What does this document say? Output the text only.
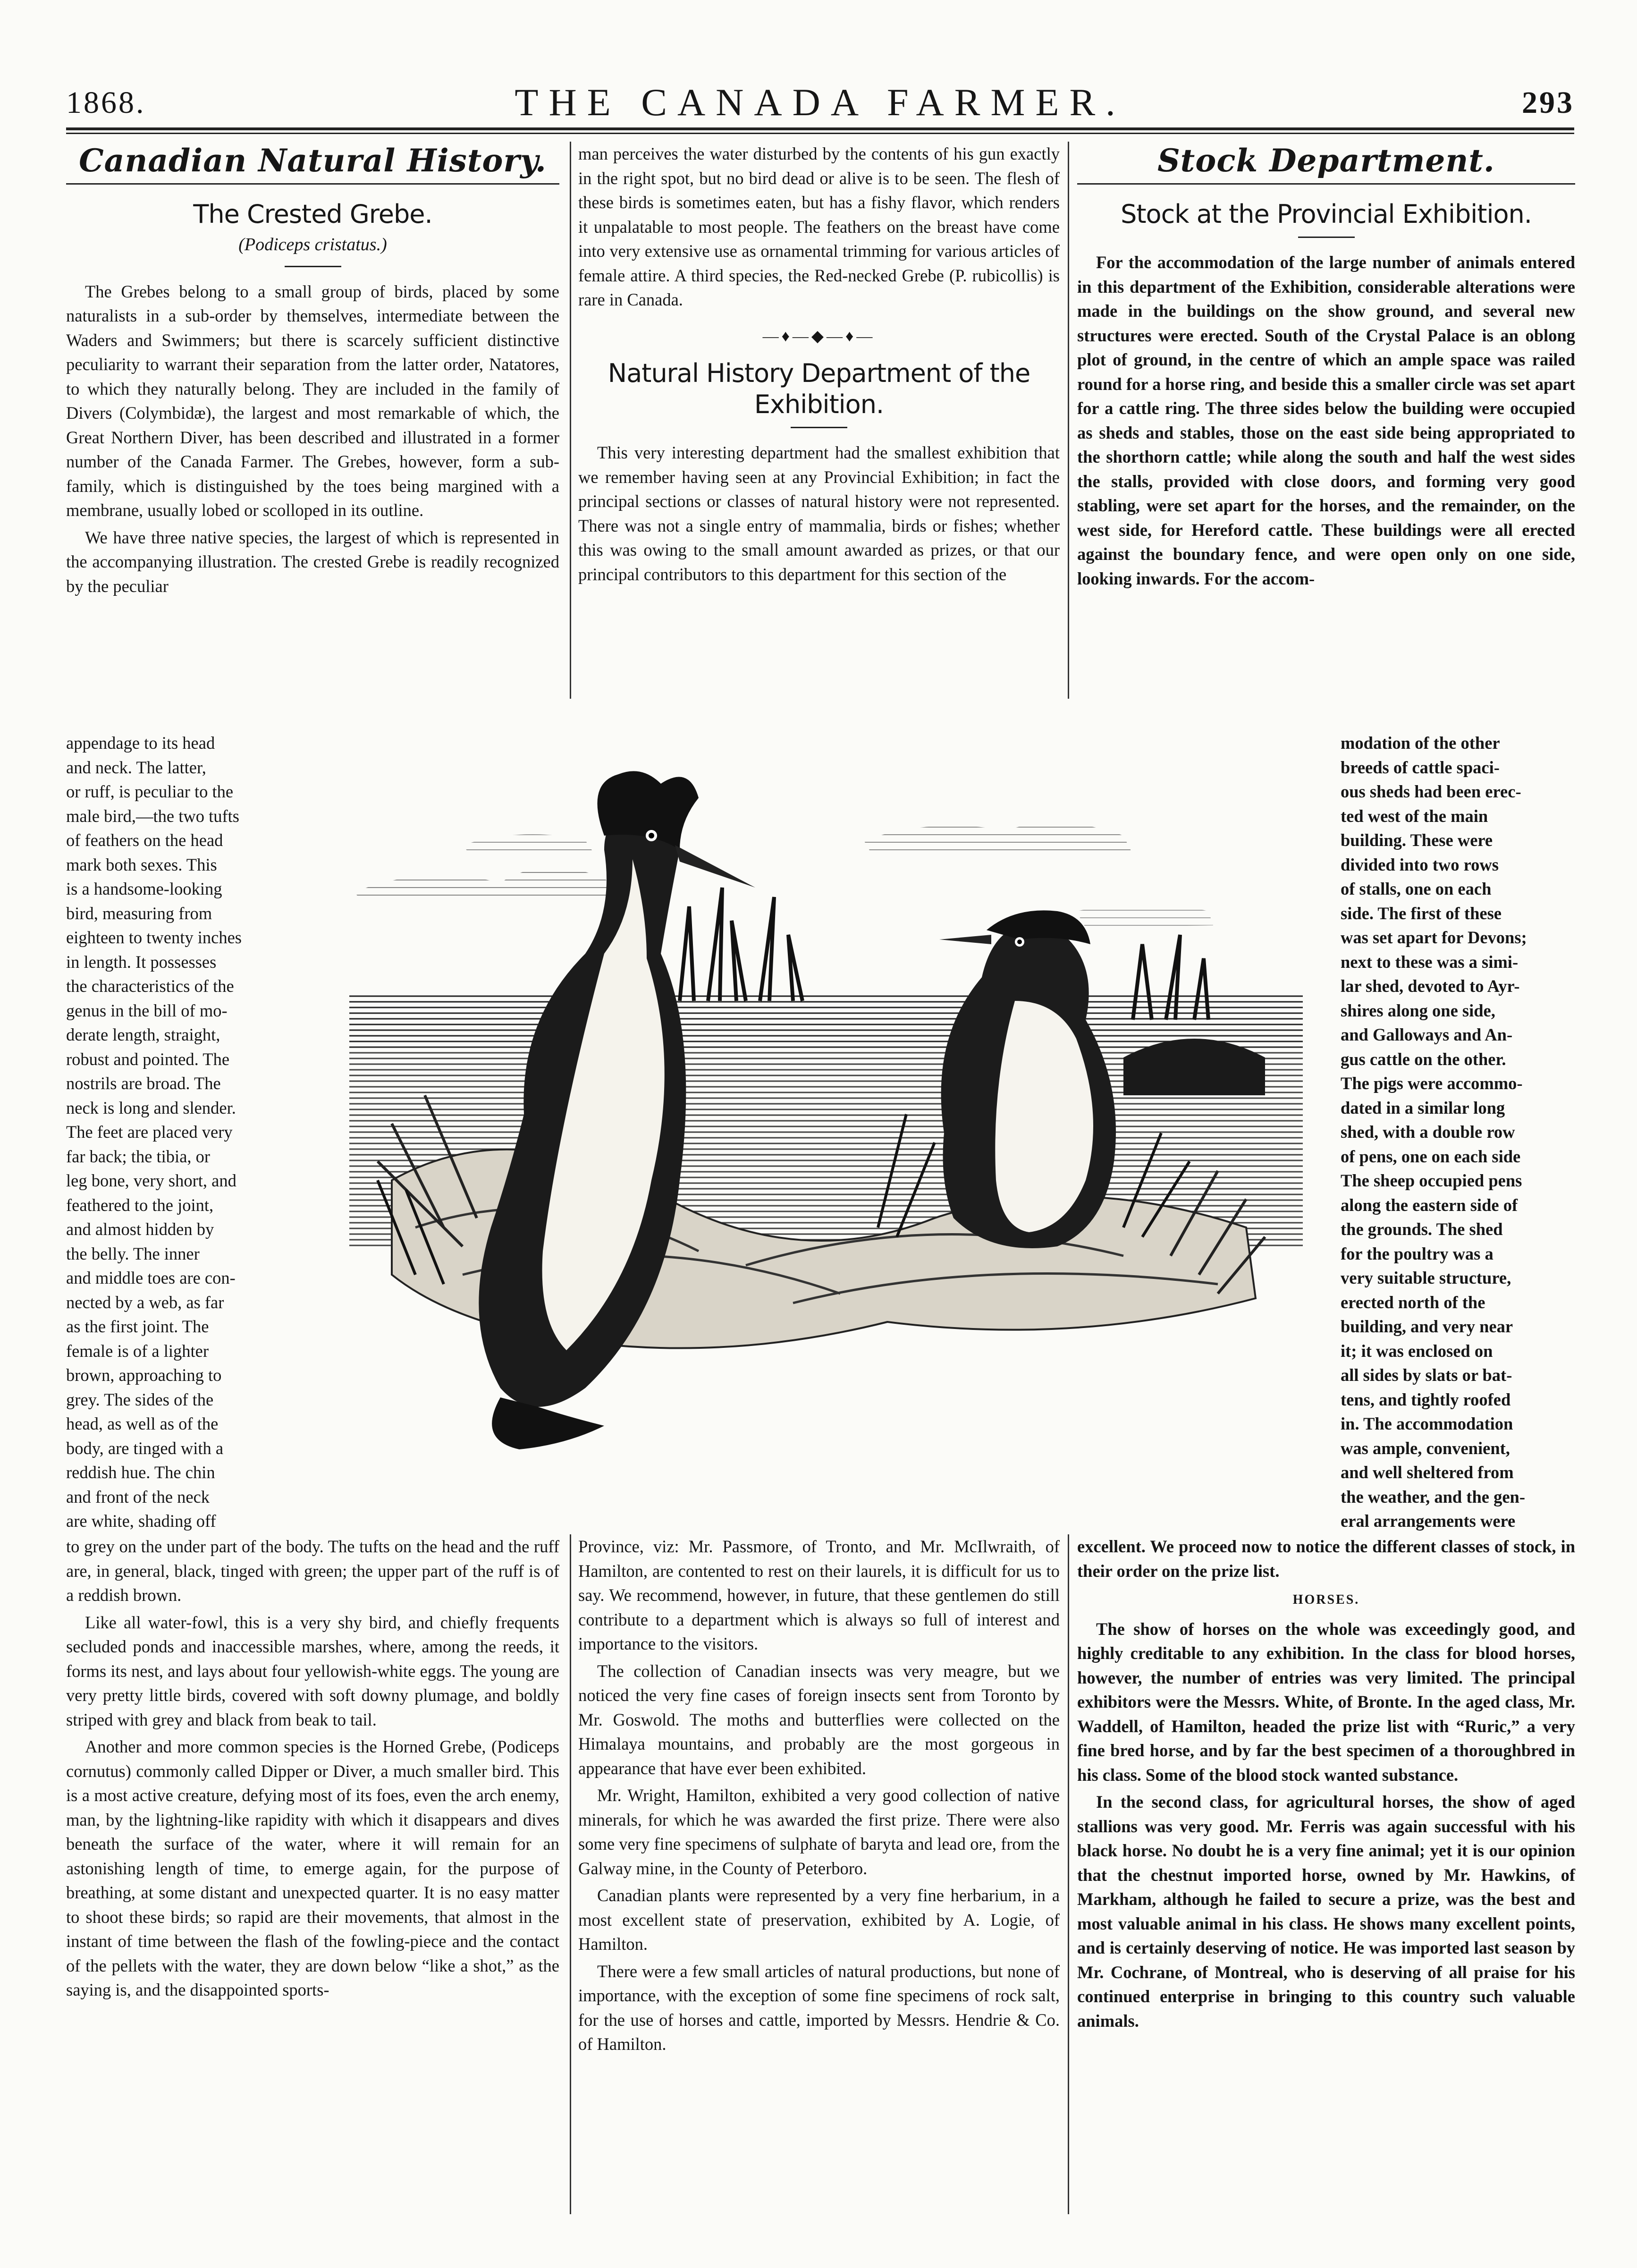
1868.	THE CANADA FARMER.	293
Canadian Natural History.
The Crested Grebe.
(Podiceps cristatus.)

The Grebes belong to a small group of birds, placed by some naturalists in a sub-order by themselves, intermediate between the Waders and Swimmers; but there is scarcely sufficient distinctive peculiarity to warrant their separation from the latter order, Natatores, to which they naturally belong. They are included in the family of Divers (Colymbidæ), the largest and most remarkable of which, the Great Northern Diver, has been described and illustrated in a former number of the Canada Farmer. The Grebes, however, form a sub-family, which is distinguished by the toes being margined with a membrane, usually lobed or scolloped in its outline.

We have three native species, the largest of which is represented in the accompanying illustration. The crested Grebe is readily recognized by the peculiar

appendage to its head

and neck. The latter,

or ruff, is peculiar to the

male bird,—the two tufts

of feathers on the head

mark both sexes. This

is a handsome-looking

bird, measuring from

eighteen to twenty inches

in length. It possesses

the characteristics of the

genus in the bill of mo-

derate length, straight,

robust and pointed. The

nostrils are broad. The

neck is long and slender.

The feet are placed very

far back; the tibia, or

leg bone, very short, and

feathered to the joint,

and almost hidden by

the belly. The inner

and middle toes are con-

nected by a web, as far

as the first joint. The

female is of a lighter

brown, approaching to

grey. The sides of the

head, as well as of the

body, are tinged with a

reddish hue. The chin

and front of the neck

are white, shading off

to grey on the under part of the body. The tufts on the head and the ruff are, in general, black, tinged with green; the upper part of the ruff is of a reddish brown.

Like all water-fowl, this is a very shy bird, and chiefly frequents secluded ponds and inaccessible marshes, where, among the reeds, it forms its nest, and lays about four yellowish-white eggs. The young are very pretty little birds, covered with soft downy plumage, and boldly striped with grey and black from beak to tail.

Another and more common species is the Horned Grebe, (Podiceps cornutus) commonly called Dipper or Diver, a much smaller bird. This is a most active creature, defying most of its foes, even the arch enemy, man, by the lightning-like rapidity with which it disappears and dives beneath the surface of the water, where it will remain for an astonishing length of time, to emerge again, for the purpose of breathing, at some distant and unexpected quarter. It is no easy matter to shoot these birds; so rapid are their movements, that almost in the instant of time between the flash of the fowling-piece and the contact of the pellets with the water, they are down below “like a shot,” as the saying is, and the disappointed sports-

man perceives the water disturbed by the contents of his gun exactly in the right spot, but no bird dead or alive is to be seen. The flesh of these birds is sometimes eaten, but has a fishy flavor, which renders it unpalatable to most people. The feathers on the breast have come into very extensive use as ornamental trimming for various articles of female attire. A third species, the Red-necked Grebe (P. rubicollis) is rare in Canada.

—♦—◆—♦—
Natural History Department of the Exhibition.

This very interesting department had the smallest exhibition that we remember having seen at any Provincial Exhibition; in fact the principal sections or classes of natural history were not represented. There was not a single entry of mammalia, birds or fishes; whether this was owing to the small amount awarded as prizes, or that our principal contributors to this department for this section of the

Province, viz: Mr. Passmore, of Tronto, and Mr. McIlwraith, of Hamilton, are contented to rest on their laurels, it is difficult for us to say. We recommend, however, in future, that these gentlemen do still contribute to a department which is always so full of interest and importance to the visitors.

The collection of Canadian insects was very meagre, but we noticed the very fine cases of foreign insects sent from Toronto by Mr. Goswold. The moths and butterflies were collected on the Himalaya mountains, and probably are the most gorgeous in appearance that have ever been exhibited.

Mr. Wright, Hamilton, exhibited a very good collection of native minerals, for which he was awarded the first prize. There were also some very fine specimens of sulphate of baryta and lead ore, from the Galway mine, in the County of Peterboro.

Canadian plants were represented by a very fine herbarium, in a most excellent state of preservation, exhibited by A. Logie, of Hamilton.

There were a few small articles of natural productions, but none of importance, with the exception of some fine specimens of rock salt, for the use of horses and cattle, imported by Messrs. Hendrie & Co. of Hamilton.

Stock Department.
Stock at the Provincial Exhibition.

For the accommodation of the large number of animals entered in this department of the Exhibition, considerable alterations were made in the buildings on the show ground, and several new structures were erected. South of the Crystal Palace is an oblong plot of ground, in the centre of which an ample space was railed round for a horse ring, and beside this a smaller circle was set apart for a cattle ring. The three sides below the building were occupied as sheds and stables, those on the east side being appropriated to the shorthorn cattle; while along the south and half the west sides the stalls, provided with close doors, and forming very good stabling, were set apart for the horses, and the remainder, on the west side, for Hereford cattle. These buildings were all erected against the boundary fence, and were open only on one side, looking inwards. For the accom-

modation of the other

breeds of cattle spaci-

ous sheds had been erec-

ted west of the main

building. These were

divided into two rows

of stalls, one on each

side. The first of these

was set apart for Devons;

next to these was a simi-

lar shed, devoted to Ayr-

shires along one side,

and Galloways and An-

gus cattle on the other.

The pigs were accommo-

dated in a similar long

shed, with a double row

of pens, one on each side

The sheep occupied pens

along the eastern side of

the grounds. The shed

for the poultry was a

very suitable structure,

erected north of the

building, and very near

it; it was enclosed on

all sides by slats or bat-

tens, and tightly roofed

in. The accommodation

was ample, convenient,

and well sheltered from

the weather, and the gen-

eral arrangements were

excellent. We proceed now to notice the different classes of stock, in their order on the prize list.

HORSES.

The show of horses on the whole was exceedingly good, and highly creditable to any exhibition. In the class for blood horses, however, the number of entries was very limited. The principal exhibitors were the Messrs. White, of Bronte. In the aged class, Mr. Waddell, of Hamilton, headed the prize list with “Ruric,” a very fine bred horse, and by far the best specimen of a thoroughbred in his class. Some of the blood stock wanted substance.

In the second class, for agricultural horses, the show of aged stallions was very good. Mr. Ferris was again successful with his black horse. No doubt he is a very fine animal; yet it is our opinion that the chestnut imported horse, owned by Mr. Hawkins, of Markham, although he failed to secure a prize, was the best and most valuable animal in his class. He shows many excellent points, and is certainly deserving of notice. He was imported last season by Mr. Cochrane, of Montreal, who is deserving of all praise for his continued enterprise in bringing to this country such valuable animals.
